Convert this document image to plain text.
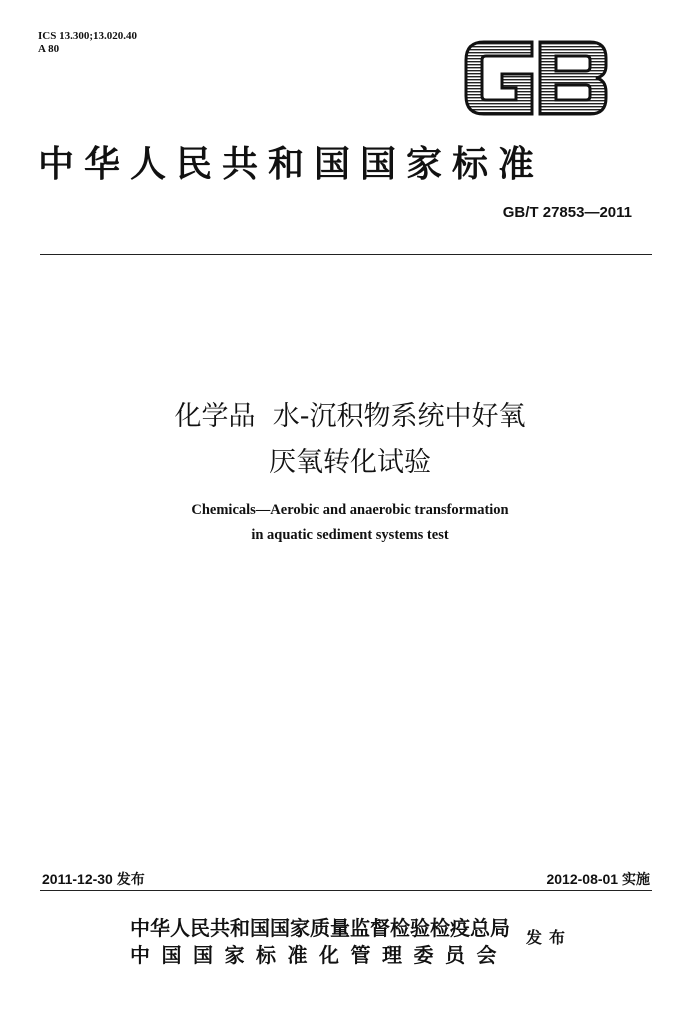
ICS 13.300;13.020.40
A 80
中华人民共和国国家标准
GB/T 27853—2011
化学品  水-沉积物系统中好氧
厌氧转化试验
Chemicals—Aerobic and anaerobic transformation
in aquatic sediment systems test
2011-12-30 发布	2012-08-01 实施
中华人民共和国国家质量监督检验检疫总局
中国国家标准化管理委员会
发布
